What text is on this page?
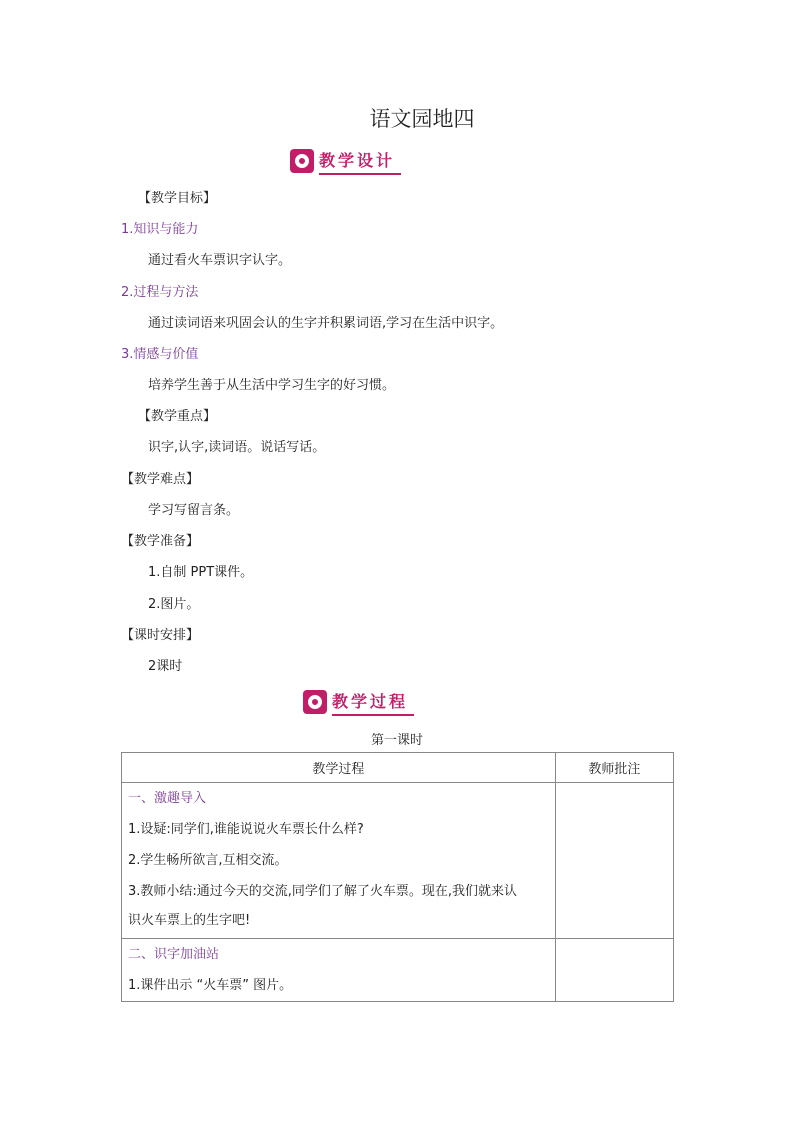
语文园地四
教学设计
【教学目标】
1.知识与能力
通过看火车票识字认字。
2.过程与方法
通过读词语来巩固会认的生字并积累词语,学习在生活中识字。
3.情感与价值
培养学生善于从生活中学习生字的好习惯。
【教学重点】
识字,认字,读词语。说话写话。
【教学难点】
学习写留言条。
【教学准备】
1.自制 PPT课件。
2.图片。
【课时安排】
2课时
教学过程
第一课时
教学过程	教师批注

一、激趣导入
1.设疑:同学们,谁能说说火车票长什么样?
2.学生畅所欲言,互相交流。
3.教师小结:通过今天的交流,同学们了解了火车票。现在,我们就来认
识火车票上的生字吧!	

二、识字加油站
1.课件出示 “火车票” 图片。	
